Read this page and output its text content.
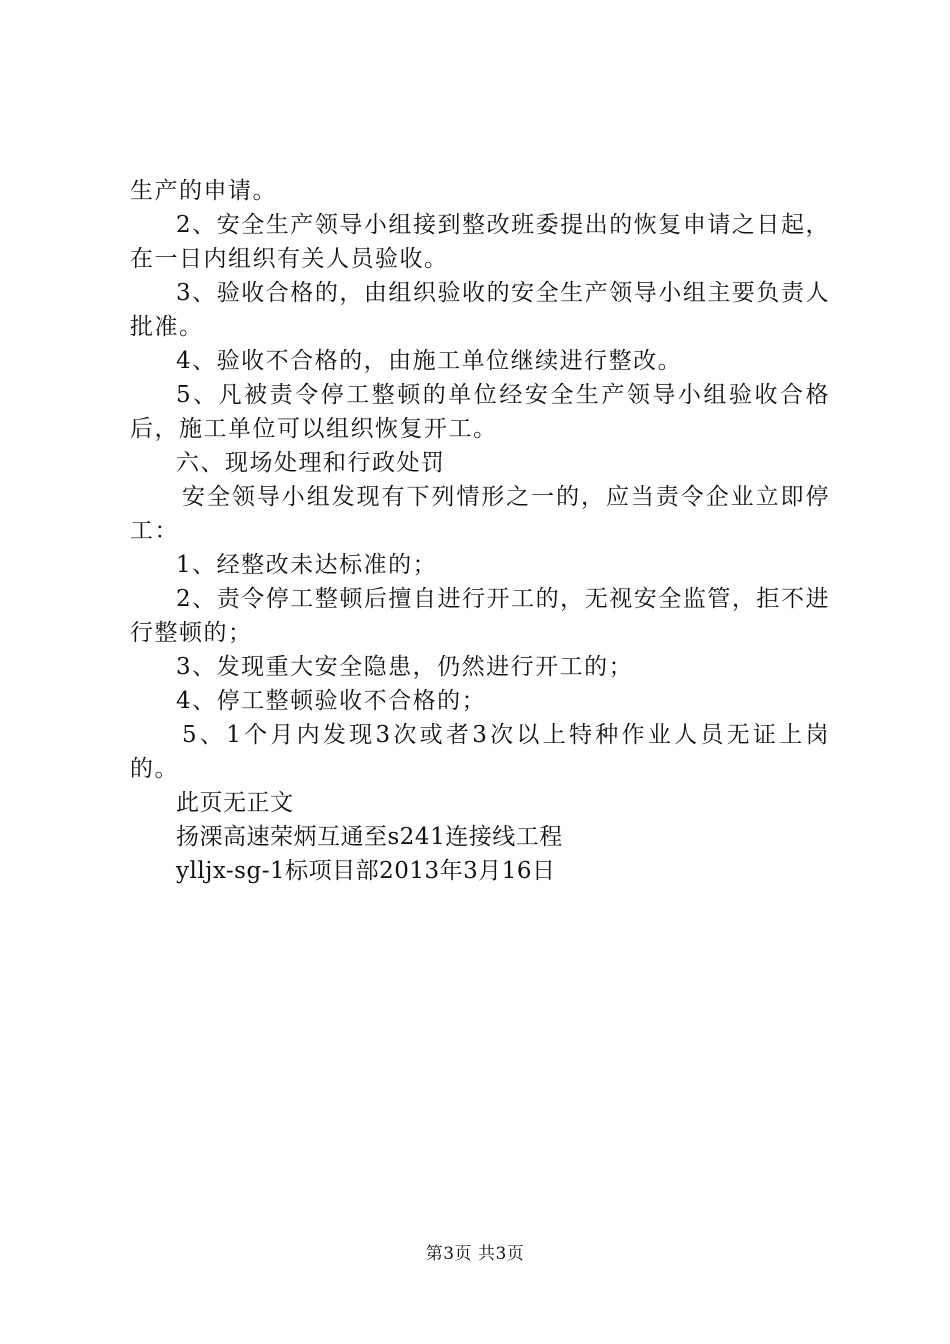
生产的申请。

2、安全生产领导小组接到整改班委提出的恢复申请之日起，在一日内组织有关人员验收。

3、验收合格的，由组织验收的安全生产领导小组主要负责人批准。

4、验收不合格的，由施工单位继续进行整改。

5、凡被责令停工整顿的单位经安全生产领导小组验收合格后，施工单位可以组织恢复开工。

六、现场处理和行政处罚

安全领导小组发现有下列情形之一的，应当责令企业立即停工：

1、经整改未达标准的；

2、责令停工整顿后擅自进行开工的，无视安全监管，拒不进行整顿的；

3、发现重大安全隐患，仍然进行开工的；

4、停工整顿验收不合格的；

5、1个月内发现3次或者3次以上特种作业人员无证上岗的。

此页无正文

扬溧高速荣炳互通至s241连接线工程

ylljx-sg-1标项目部2013年3月16日

第3页 共3页
